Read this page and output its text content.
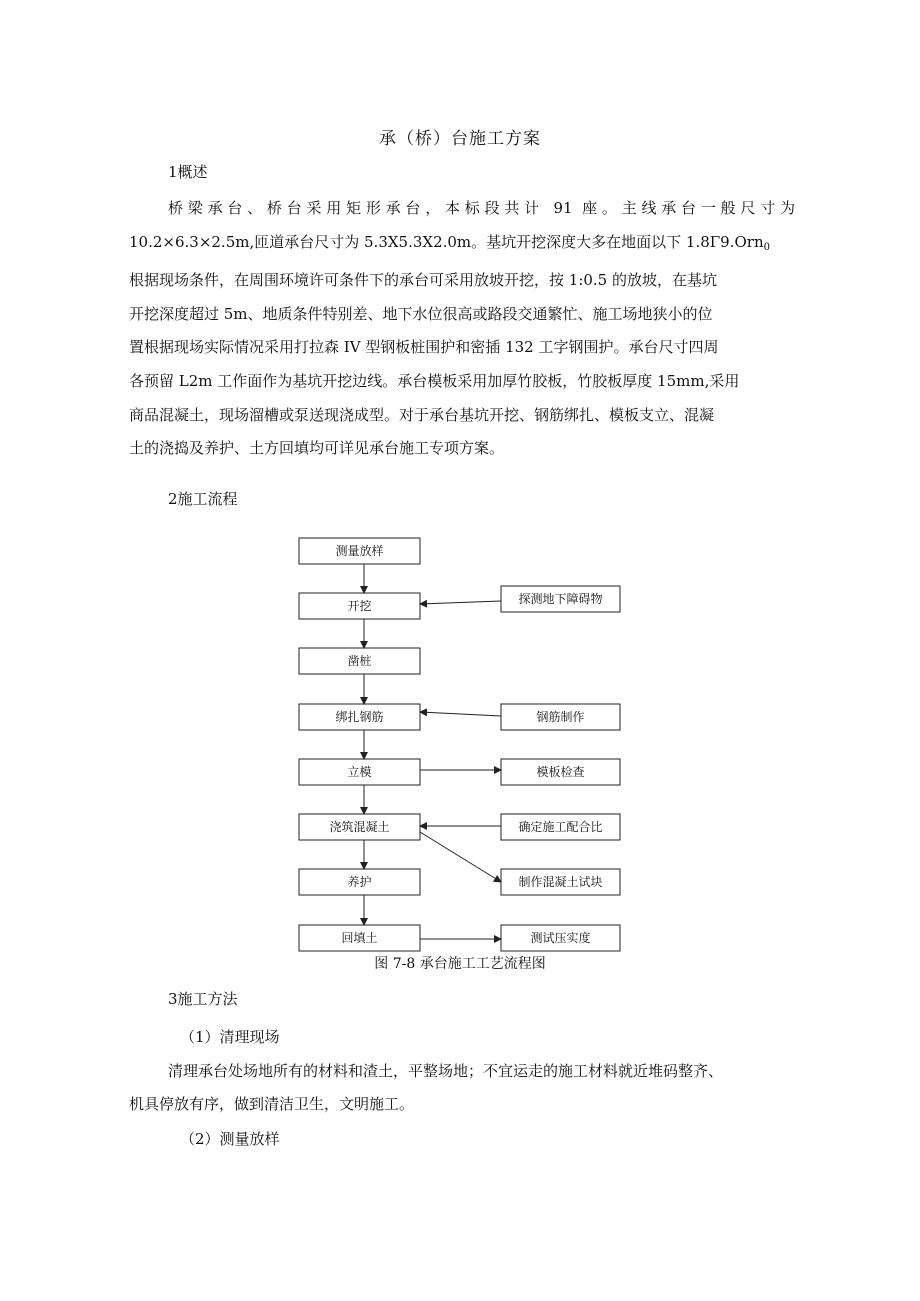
承（桥）台施工方案
1概述
桥梁承台、桥台采用矩形承台，本标段共计 91 座。主线承台一般尺寸为
10.2×6.3×2.5m,匝道承台尺寸为 5.3X5.3X2.0m。基坑开挖深度大多在地面以下 1.8Γ9.Orn$_0$
根据现场条件，在周围环境许可条件下的承台可采用放坡开挖，按 1:0.5 的放坡，在基坑
开挖深度超过 5m、地质条件特别差、地下水位很高或路段交通繁忙、施工场地狭小的位
置根据现场实际情况采用打拉森 IV 型钢板桩围护和密插 132 工字钢围护。承台尺寸四周
各预留 L2m 工作面作为基坑开挖边线。承台模板采用加厚竹胶板，竹胶板厚度 15mm,采用
商品混凝土，现场溜槽或泵送现浇成型。对于承台基坑开挖、钢筋绑扎、模板支立、混凝
土的浇捣及养护、土方回填均可详见承台施工专项方案。
2施工流程
测量放样
开挖
凿桩
绑扎钢筋
立模
浇筑混凝土
养护
回填土
探测地下障碍物
钢筋制作
模板检查
确定施工配合比
制作混凝土试块
测试压实度
图 7-8 承台施工工艺流程图
3施工方法
（1）清理现场
清理承台处场地所有的材料和渣土，平整场地；不宜运走的施工材料就近堆码整齐、
机具停放有序，做到清洁卫生，文明施工。
（2）测量放样
